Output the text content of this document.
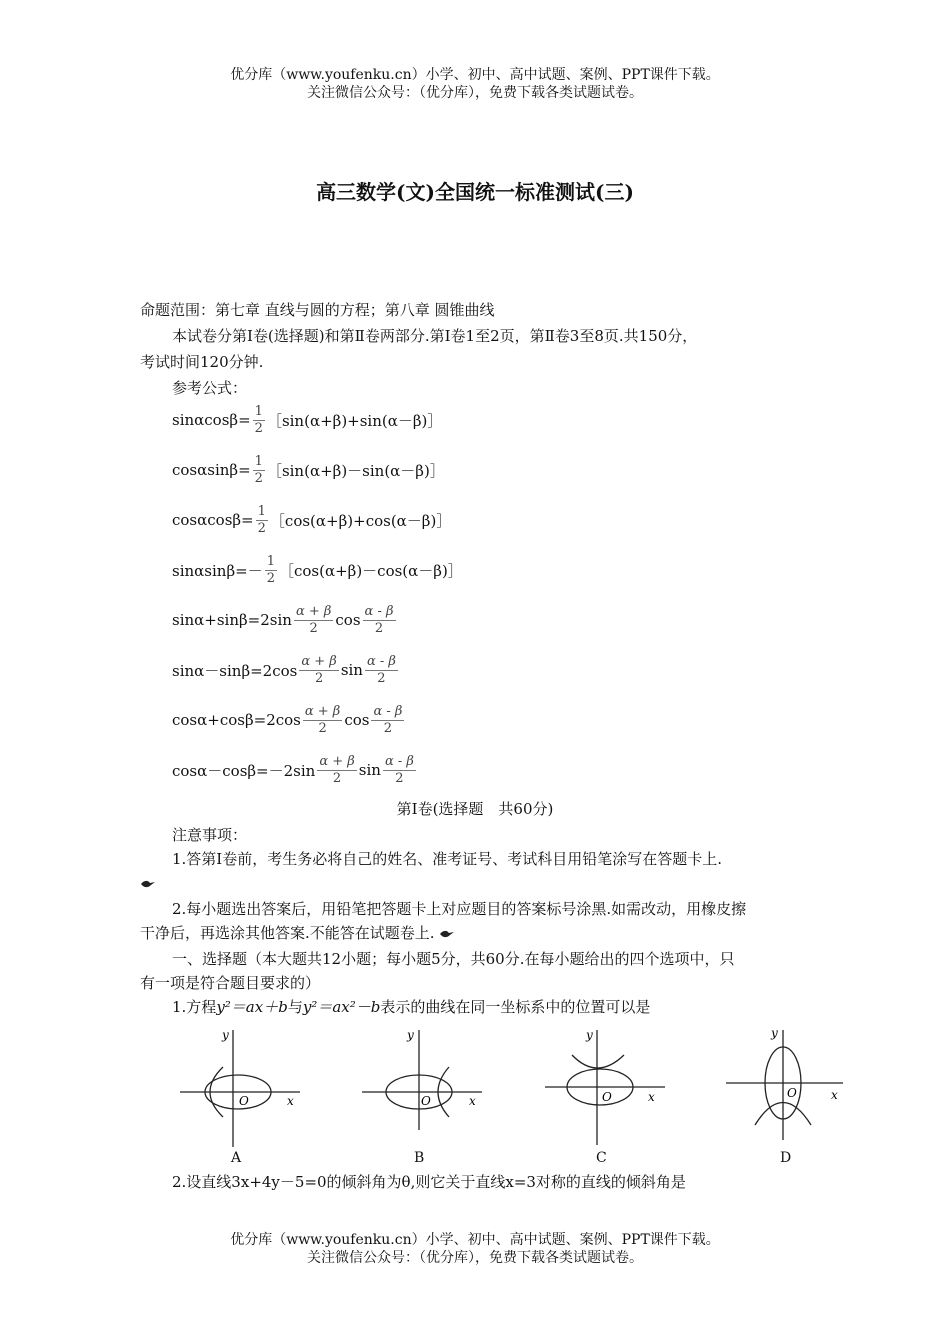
优分库（www.youfenku.cn）小学、初中、高中试题、案例、PPT课件下载。
关注微信公众号：（优分库），免费下载各类试题试卷。
高三数学(文)全国统一标准测试(三)
命题范围：第七章 直线与圆的方程；第八章 圆锥曲线
本试卷分第Ⅰ卷(选择题)和第Ⅱ卷两部分.第Ⅰ卷1至2页，第Ⅱ卷3至8页.共150分，
考试时间120分钟.
参考公式：
$\sin\alpha\cos\beta= \frac{1}{2}$ ［sin(α+β)+sin(α－β)］
$\cos\alpha\sin\beta= \frac{1}{2}$ ［sin(α+β)－sin(α－β)］
$\cos\alpha\cos\beta= \frac{1}{2}$ ［cos(α+β)+cos(α－β)］
$\sin\alpha\sin\beta=- \frac{1}{2}$ ［cos(α+β)－cos(α－β)］
$\sin\alpha+\sin\beta=2\sin \frac{\alpha + \beta}{2}$ $\cos \frac{\alpha - \beta}{2}$
$\sin\alpha-\sin\beta=2\cos \frac{\alpha + \beta}{2}$ $\sin \frac{\alpha - \beta}{2}$
$\cos\alpha+\cos\beta=2\cos \frac{\alpha + \beta}{2}$ $\cos \frac{\alpha - \beta}{2}$
$\cos\alpha-\cos\beta=-2\sin \frac{\alpha + \beta}{2}$ $\sin \frac{\alpha - \beta}{2}$
第Ⅰ卷(选择题　共60分)
注意事项：
1.答第Ⅰ卷前，考生务必将自己的姓名、准考证号、考试科目用铅笔涂写在答题卡上.
2.每小题选出答案后，用铅笔把答题卡上对应题目的答案标号涂黑.如需改动，用橡皮擦
干净后，再选涂其他答案.不能答在试题卷上.
一、选择题（本大题共12小题；每小题5分，共60分.在每小题给出的四个选项中，只
有一项是符合题目要求的）
1.方程y²＝ax＋b与y²＝ax²－b表示的曲线在同一坐标系中的位置可以是
y
x
O
A
y
x
O
B
y
x
O
C
y
x
O
D
2.设直线3x+4y－5=0的倾斜角为θ,则它关于直线x=3对称的直线的倾斜角是
优分库（www.youfenku.cn）小学、初中、高中试题、案例、PPT课件下载。
关注微信公众号：（优分库），免费下载各类试题试卷。
